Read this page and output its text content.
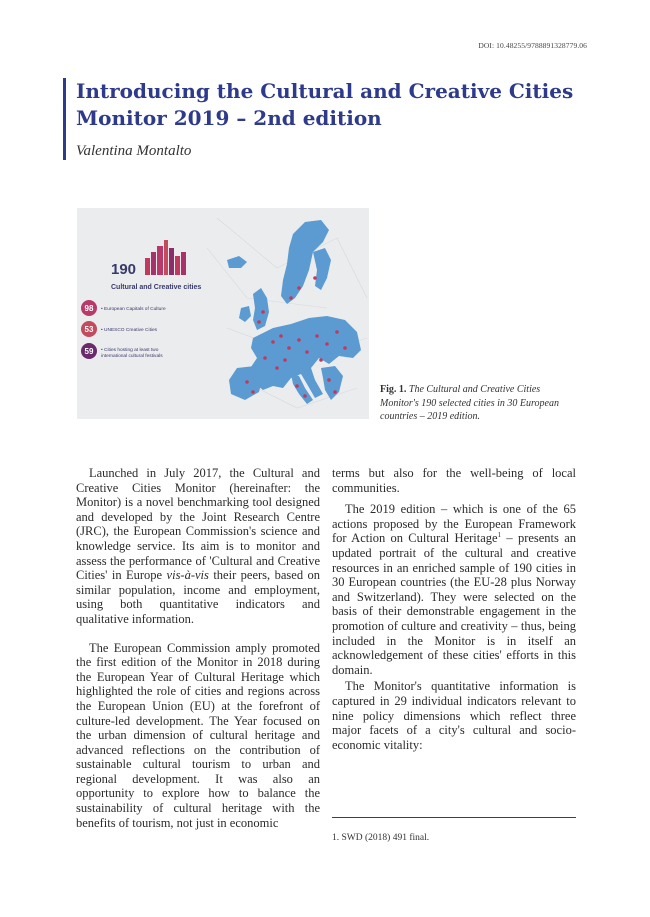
DOI: 10.48255/9788891328779.06
Introducing the Cultural and Creative Cities Monitor 2019 – 2nd edition

Valentina Montalto

190
Cultural and Creative cities
98 • European Capitals of Culture
53 • UNESCO Creative Cities
59 • Cities hosting at least two
international cultural festivals
Fig. 1. The Cultural and Creative Cities Monitor's 190 selected cities in 30 European countries – 2019 edition.

Launched in July 2017, the Cultural and Creative Cities Monitor (hereinafter: the Monitor) is a novel benchmarking tool designed and developed by the Joint Research Centre (JRC), the European Commission's science and knowledge service. Its aim is to monitor and assess the performance of 'Cultural and Creative Cities' in Europe vis-à-vis their peers, based on similar population, income and employment, using both quantitative indicators and qualitative information.

The European Commission amply promoted the first edition of the Monitor in 2018 during the European Year of Cultural Heritage which highlighted the role of cities and regions across the European Union (EU) at the forefront of culture-led development. The Year focused on the urban dimension of cultural heritage and advanced reflections on the contribution of sustainable cultural tourism to urban and regional development. It was also an opportunity to explore how to balance the sustainability of cultural heritage with the benefits of tourism, not just in economic

terms but also for the well-being of local communities.

The 2019 edition – which is one of the 65 actions proposed by the European Framework for Action on Cultural Heritage$^1$ – presents an updated portrait of the cultural and creative resources in an enriched sample of 190 cities in 30 European countries (the EU-28 plus Norway and Switzerland). They were selected on the basis of their demonstrable engagement in the promotion of culture and creativity – thus, being included in the Monitor is in itself an acknowledgement of these cities' efforts in this domain.

The Monitor's quantitative information is captured in 29 individual indicators relevant to nine policy dimensions which reflect three major facets of a city's cultural and socio-economic vitality:

1. SWD (2018) 491 final.
